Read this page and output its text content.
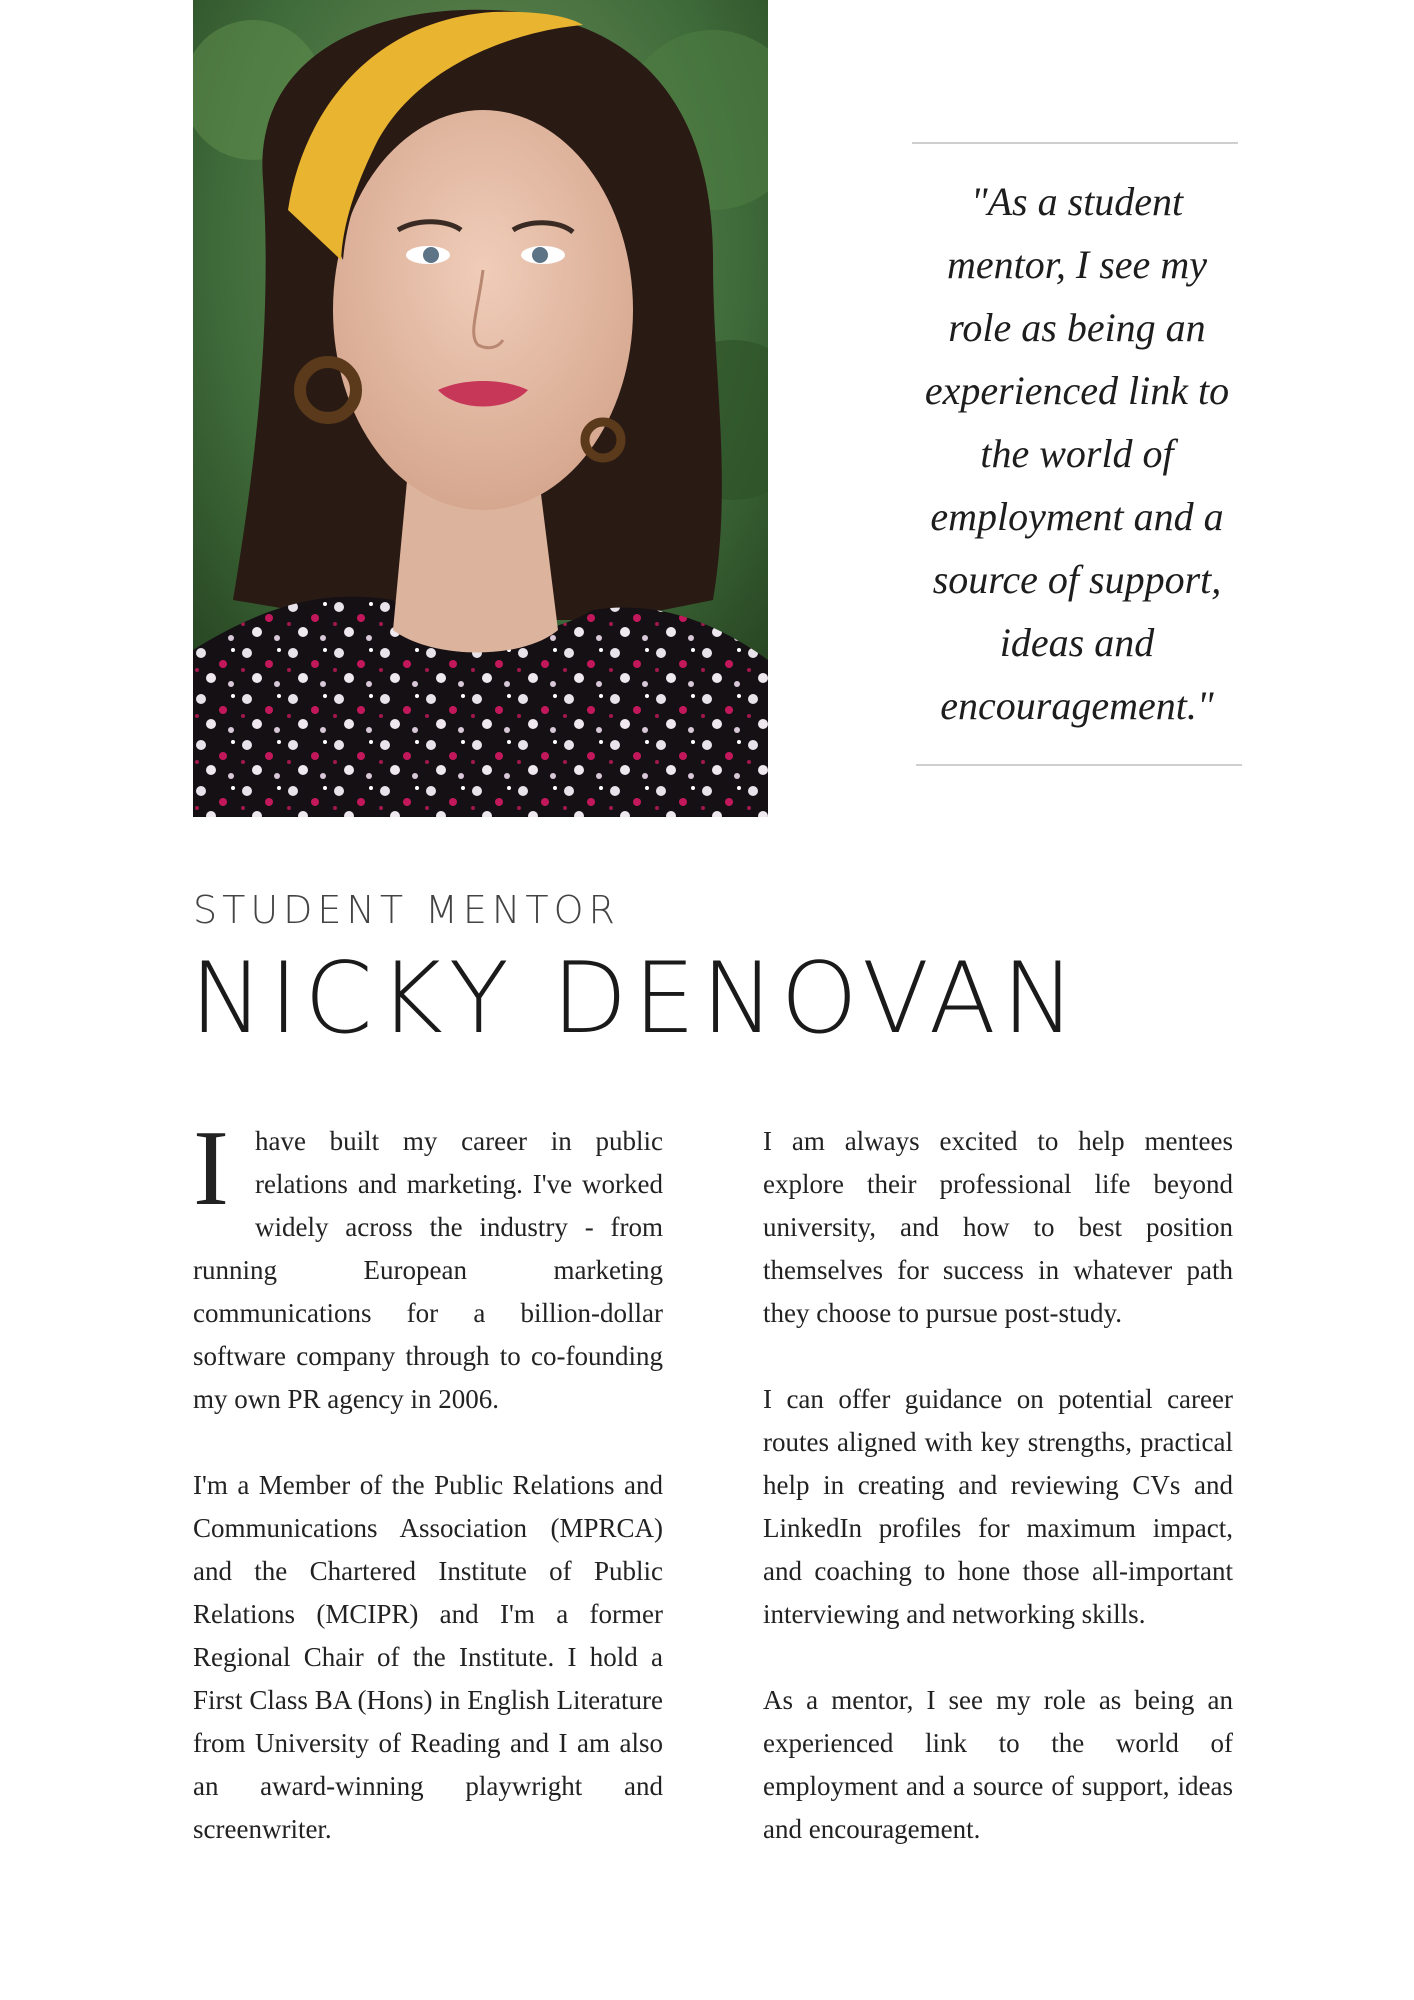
"As a student mentor, I see my role as being an experienced link to the world of employment and a source of support, ideas and encouragement."

STUDENT MENTOR
NICKY DENOVAN

Ihave built my career in public relations and marketing. I've worked widely across the industry - from running European marketing communications for a billion-dollar software company through to co-founding my own PR agency in 2006.

I'm a Member of the Public Relations and Communications Association (MPRCA) and the Chartered Institute of Public Relations (MCIPR) and I'm a former Regional Chair of the Institute. I hold a First Class BA (Hons) in English Literature from University of Reading and I am also an award-winning playwright and screenwriter.

I am always excited to help mentees explore their professional life beyond university, and how to best position themselves for success in whatever path they choose to pursue post-study.

I can offer guidance on potential career routes aligned with key strengths, practical help in creating and reviewing CVs and LinkedIn profiles for maximum impact, and coaching to hone those all-important interviewing and networking skills.

As a mentor, I see my role as being an experienced link to the world of employment and a source of support, ideas and encouragement.
